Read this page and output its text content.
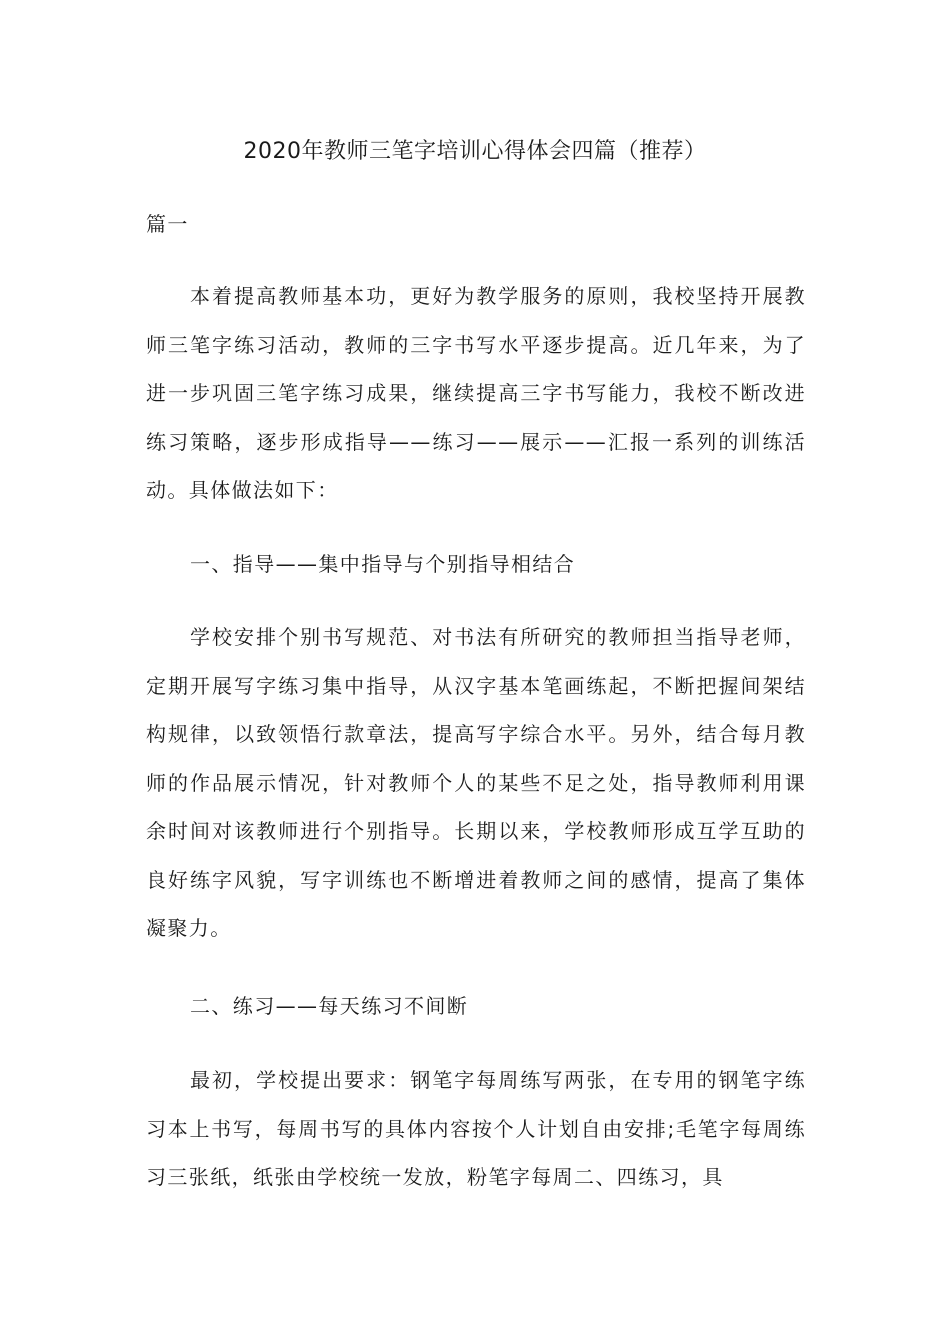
2020年教师三笔字培训心得体会四篇（推荐）
篇一
本着提高教师基本功，更好为教学服务的原则，我校坚持开展教师三笔字练习活动，教师的三字书写水平逐步提高。近几年来，为了进一步巩固三笔字练习成果，继续提高三字书写能力，我校不断改进练习策略，逐步形成指导——练习——展示——汇报一系列的训练活动。具体做法如下：
一、指导——集中指导与个别指导相结合
学校安排个别书写规范、对书法有所研究的教师担当指导老师，定期开展写字练习集中指导，从汉字基本笔画练起，不断把握间架结构规律，以致领悟行款章法，提高写字综合水平。另外，结合每月教师的作品展示情况，针对教师个人的某些不足之处，指导教师利用课余时间对该教师进行个别指导。长期以来，学校教师形成互学互助的良好练字风貌，写字训练也不断增进着教师之间的感情，提高了集体凝聚力。
二、练习——每天练习不间断
最初，学校提出要求：钢笔字每周练写两张，在专用的钢笔字练习本上书写，每周书写的具体内容按个人计划自由安排;毛笔字每周练习三张纸，纸张由学校统一发放，粉笔字每周二、四练习，具
